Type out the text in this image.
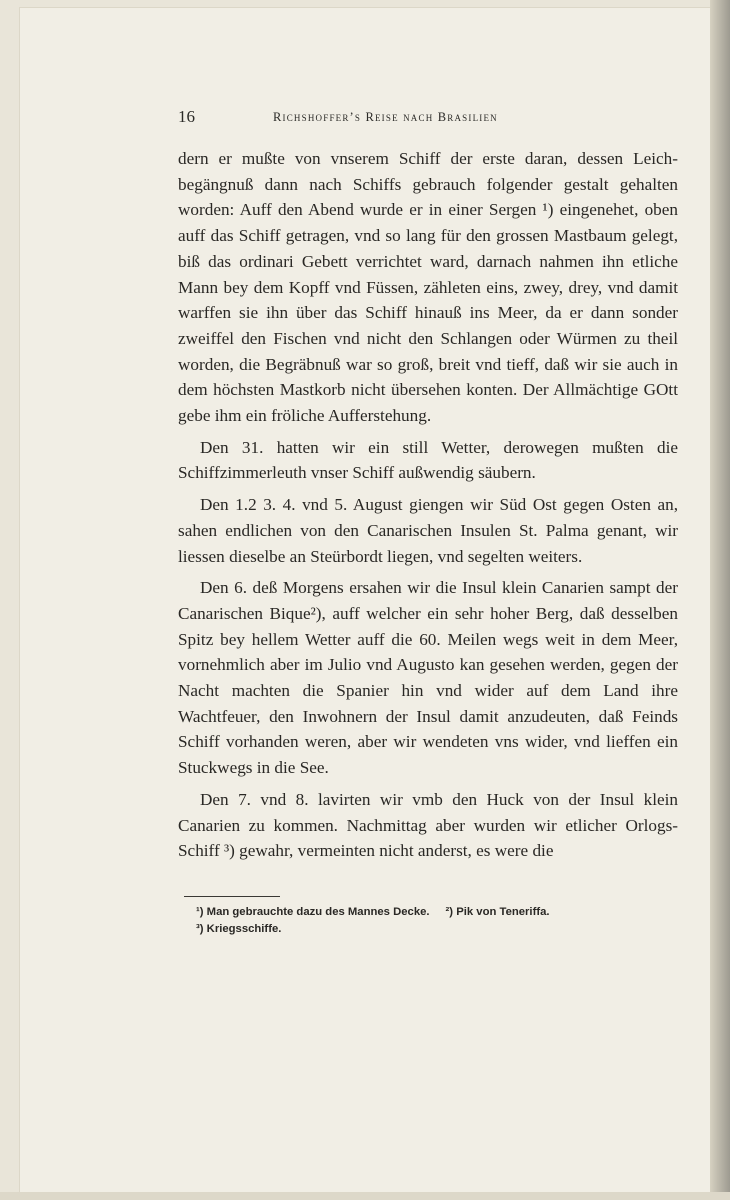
16	Richshoffer’s Reise nach Brasilien

dern er mußte von vnserem Schiff der erste daran, dessen Leichbegängnuß dann nach Schiffs gebrauch folgender gestalt gehalten worden: Auff den Abend wurde er in einer Sergen ¹) eingenehet, oben auff das Schiff getragen, vnd so lang für den grossen Mastbaum gelegt, biß das ordinari Gebett verrichtet ward, darnach nahmen ihn etliche Mann bey dem Kopff vnd Füssen, zähleten eins, zwey, drey, vnd damit warffen sie ihn über das Schiff hinauß ins Meer, da er dann sonder zweiffel den Fischen vnd nicht den Schlangen oder Würmen zu theil worden, die Begräbnuß war so groß, breit vnd tieff, daß wir sie auch in dem höchsten Mastkorb nicht übersehen konten. Der Allmächtige GOtt gebe ihm ein fröliche Aufferstehung.

Den 31. hatten wir ein still Wetter, derowegen mußten die Schiffzimmerleuth vnser Schiff außwendig säubern.

Den 1.2 3. 4. vnd 5. August giengen wir Süd Ost gegen Osten an, sahen endlichen von den Canarischen Insulen St. Palma genant, wir liessen dieselbe an Steürbordt liegen, vnd segelten weiters.

Den 6. deß Morgens ersahen wir die Insul klein Canarien sampt der Canarischen Bique²), auff welcher ein sehr hoher Berg, daß desselben Spitz bey hellem Wetter auff die 60. Meilen wegs weit in dem Meer, vornehmlich aber im Julio vnd Augusto kan gesehen werden, gegen der Nacht machten die Spanier hin vnd wider auf dem Land ihre Wachtfeuer, den Inwohnern der Insul damit anzudeuten, daß Feinds Schiff vorhanden weren, aber wir wendeten vns wider, vnd lieffen ein Stuckwegs in die See.

Den 7. vnd 8. lavirten wir vmb den Huck von der Insul klein Canarien zu kommen. Nachmittag aber wurden wir etlicher Orlogs-Schiff ³) gewahr, vermeinten nicht anderst, es were die

¹) Man gebrauchte dazu des Mannes Decke. ²) Pik von Teneriffa.
³) Kriegsschiffe.
